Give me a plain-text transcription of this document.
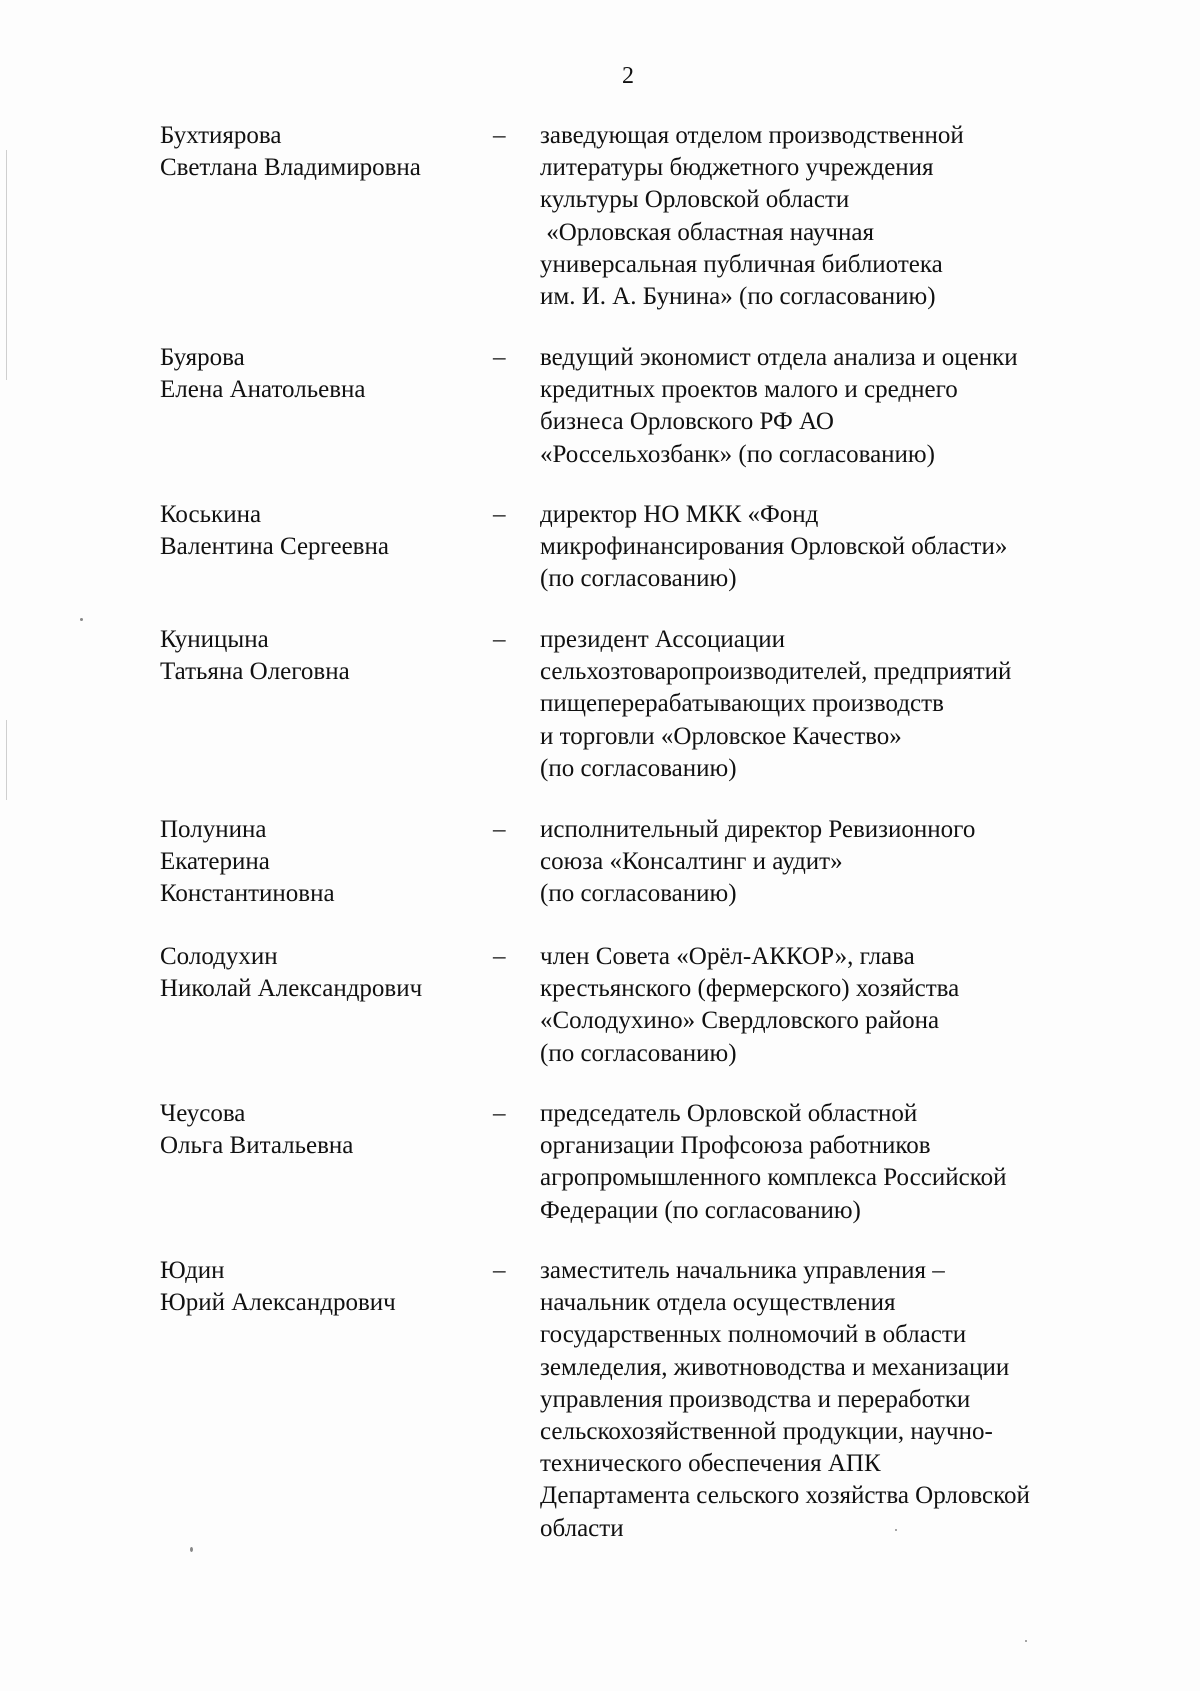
2
Бухтиярова
Светлана Владимировна
– заведующая отделом производственной
литературы бюджетного учреждения
культуры Орловской области
«Орловская областная научная
универсальная публичная библиотека
им. И. А. Бунина» (по согласованию)
Буярова
Елена Анатольевна
– ведущий экономист отдела анализа и оценки
кредитных проектов малого и среднего
бизнеса Орловского РФ АО
«Россельхозбанк» (по согласованию)
Коськина
Валентина Сергеевна
– директор НО МКК «Фонд
микрофинансирования Орловской области»
(по согласованию)
Куницына
Татьяна Олеговна
– президент Ассоциации
сельхозтоваропроизводителей, предприятий
пищеперерабатывающих производств
и торговли «Орловское Качество»
(по согласованию)
Полунина
Екатерина
Константиновна
– исполнительный директор Ревизионного
союза «Консалтинг и аудит»
(по согласованию)
Солодухин
Николай Александрович
– член Совета «Орёл-АККОР», глава
крестьянского (фермерского) хозяйства
«Солодухино» Свердловского района
(по согласованию)
Чеусова
Ольга Витальевна
– председатель Орловской областной
организации Профсоюза работников
агропромышленного комплекса Российской
Федерации (по согласованию)
Юдин
Юрий Александрович
– заместитель начальника управления –
начальник отдела осуществления
государственных полномочий в области
земледелия, животноводства и механизации
управления производства и переработки
сельскохозяйственной продукции, научно-
технического обеспечения АПК
Департамента сельского хозяйства Орловской
области
